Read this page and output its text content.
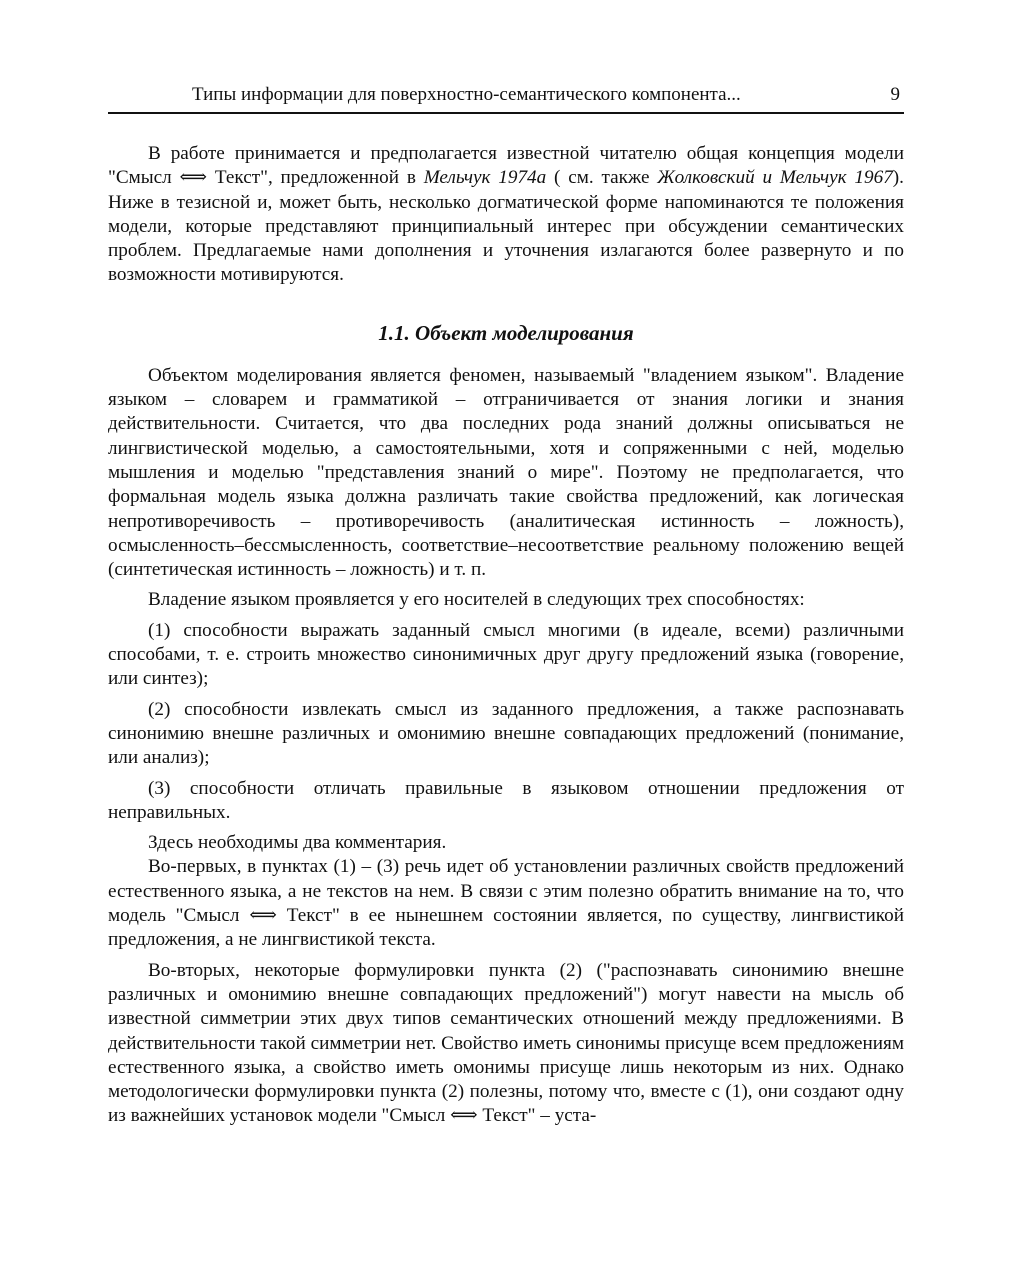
Типы информации для поверхностно-семантического компонента...	9

В работе принимается и предполагается известной читателю общая концепция модели "Смысл ⟺ Текст", предложенной в Мельчук 1974а ( см. также Жолковский и Мельчук 1967). Ниже в тезисной и, может быть, несколько догматической форме напоминаются те положения модели, которые представляют принципиальный интерес при обсуждении семантических проблем. Предлагаемые нами дополнения и уточнения излагаются более развернуто и по возможности мотивируются.

1.1. Объект моделирования

Объектом моделирования является феномен, называемый "владением языком". Владение языком – словарем и грамматикой – отграничивается от знания логики и знания действительности. Считается, что два последних рода знаний должны описываться не лингвистической моделью, а самостоятельными, хотя и сопряженными с ней, моделью мышления и моделью "представления знаний о мире". Поэтому не предполагается, что формальная модель языка должна различать такие свойства предложений, как логическая непротиворечивость – противоречивость (аналитическая истинность – ложность), осмысленность–бессмысленность, соответствие–несоответствие реальному положению вещей (синтетическая истинность – ложность) и т. п.

Владение языком проявляется у его носителей в следующих трех способностях:

(1) способности выражать заданный смысл многими (в идеале, всеми) различными способами, т. е. строить множество синонимичных друг другу предложений языка (говорение, или синтез);

(2) способности извлекать смысл из заданного предложения, а также распознавать синонимию внешне различных и омонимию внешне совпадающих предложений (понимание, или анализ);

(3) способности отличать правильные в языковом отношении предложения от неправильных.

Здесь необходимы два комментария.

Во-первых, в пунктах (1) – (3) речь идет об установлении различных свойств предложений естественного языка, а не текстов на нем. В связи с этим полезно обратить внимание на то, что модель "Смысл ⟺ Текст" в ее нынешнем состоянии является, по существу, лингвистикой предложения, а не лингвистикой текста.

Во-вторых, некоторые формулировки пункта (2) ("распознавать синонимию внешне различных и омонимию внешне совпадающих предложений") могут навести на мысль об известной симметрии этих двух типов семантических отношений между предложениями. В действительности такой симметрии нет. Свойство иметь синонимы присуще всем предложениям естественного языка, а свойство иметь омонимы присуще лишь некоторым из них. Однако методологически формулировки пункта (2) полезны, потому что, вместе с (1), они создают одну из важнейших установок модели "Смысл ⟺ Текст" – уста-
